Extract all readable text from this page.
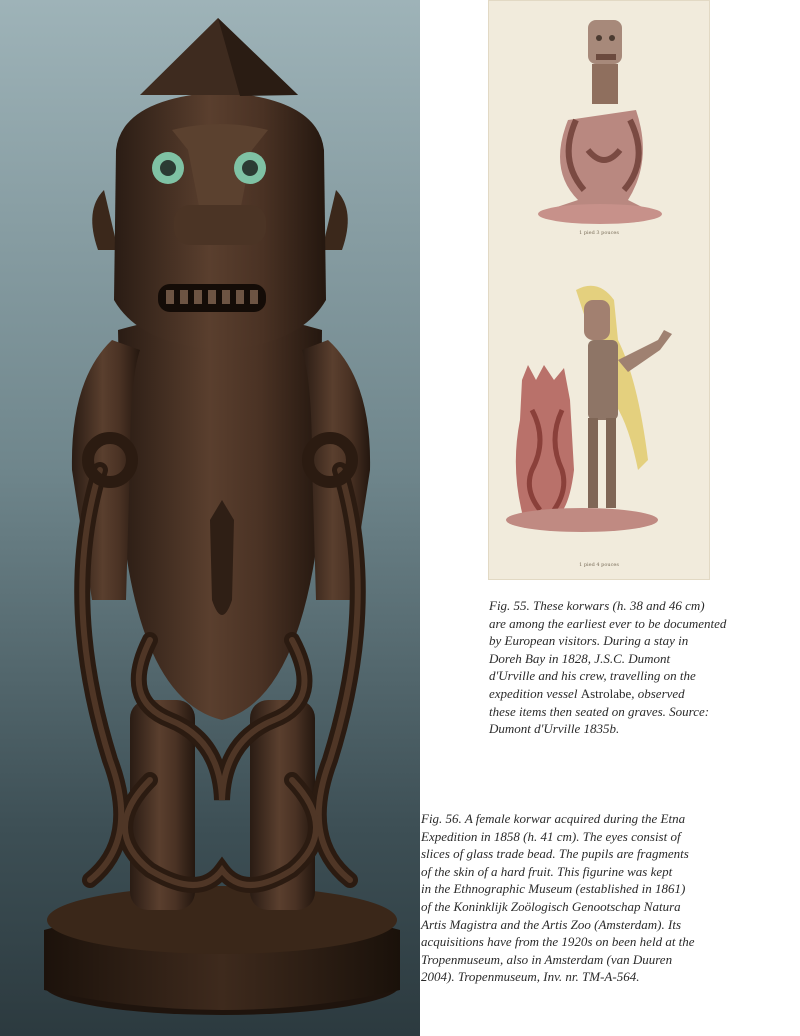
1 pied 3 pouces
1 pied 4 pouces
Fig. 55. These korwars (h. 38 and 46 cm)
are among the earliest ever to be documented
by European visitors. During a stay in
Doreh Bay in 1828, J.S.C. Dumont
d'Urville and his crew, travelling on the
expedition vessel Astrolabe, observed
these items then seated on graves. Source:
Dumont d'Urville 1835b.
Fig. 56. A female korwar acquired during the Etna
Expedition in 1858 (h. 41 cm). The eyes consist of
slices of glass trade bead. The pupils are fragments
of the skin of a hard fruit. This figurine was kept
in the Ethnographic Museum (established in 1861)
of the Koninklijk Zoölogisch Genootschap Natura
Artis Magistra and the Artis Zoo (Amsterdam). Its
acquisitions have from the 1920s on been held at the
Tropenmuseum, also in Amsterdam (van Duuren
2004). Tropenmuseum, Inv. nr. TM-A-564.
